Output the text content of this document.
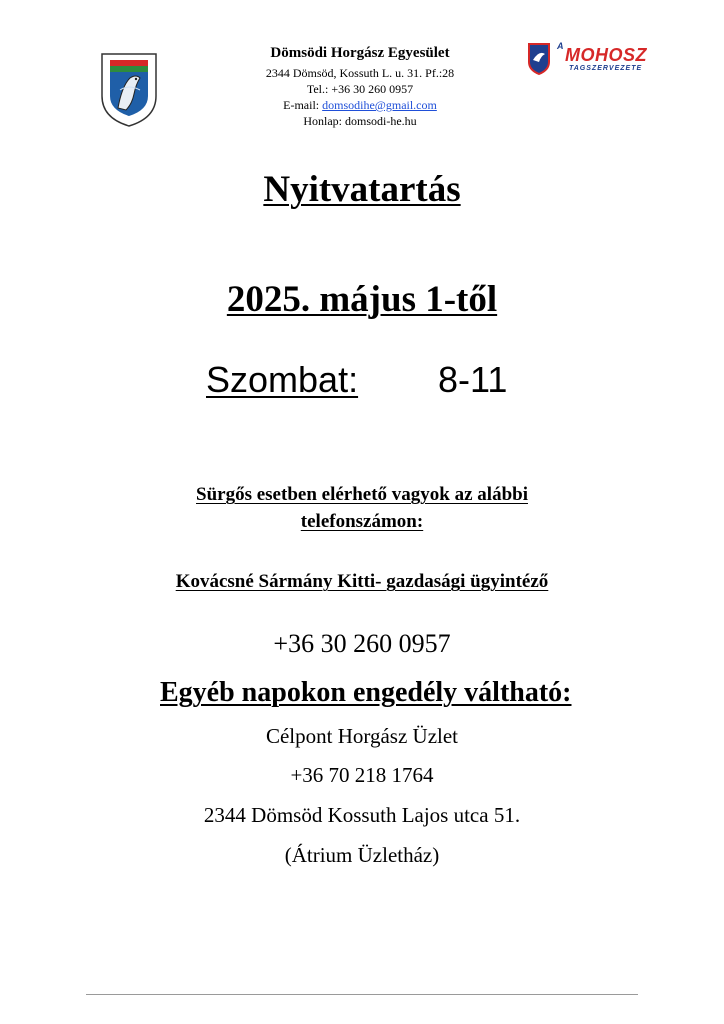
Dömsödi Horgász Egyesület
2344 Dömsöd, Kossuth L. u. 31. Pf.:28
Tel.: +36 30 260 0957
E-mail: domsodihe@gmail.com
Honlap: domsodi-he.hu
A MOHOSZ
TAGSZERVEZETE
Nyitvatartás
2025. május 1-től
Szombat: 8-11
Sürgős esetben elérhető vagyok az alábbi
telefonszámon:
Kovácsné Sármány Kitti- gazdasági ügyintéző
+36 30 260 0957
Egyéb napokon engedély váltható:
Célpont Horgász Üzlet
+36 70 218 1764
2344 Dömsöd Kossuth Lajos utca 51.
(Átrium Üzletház)
